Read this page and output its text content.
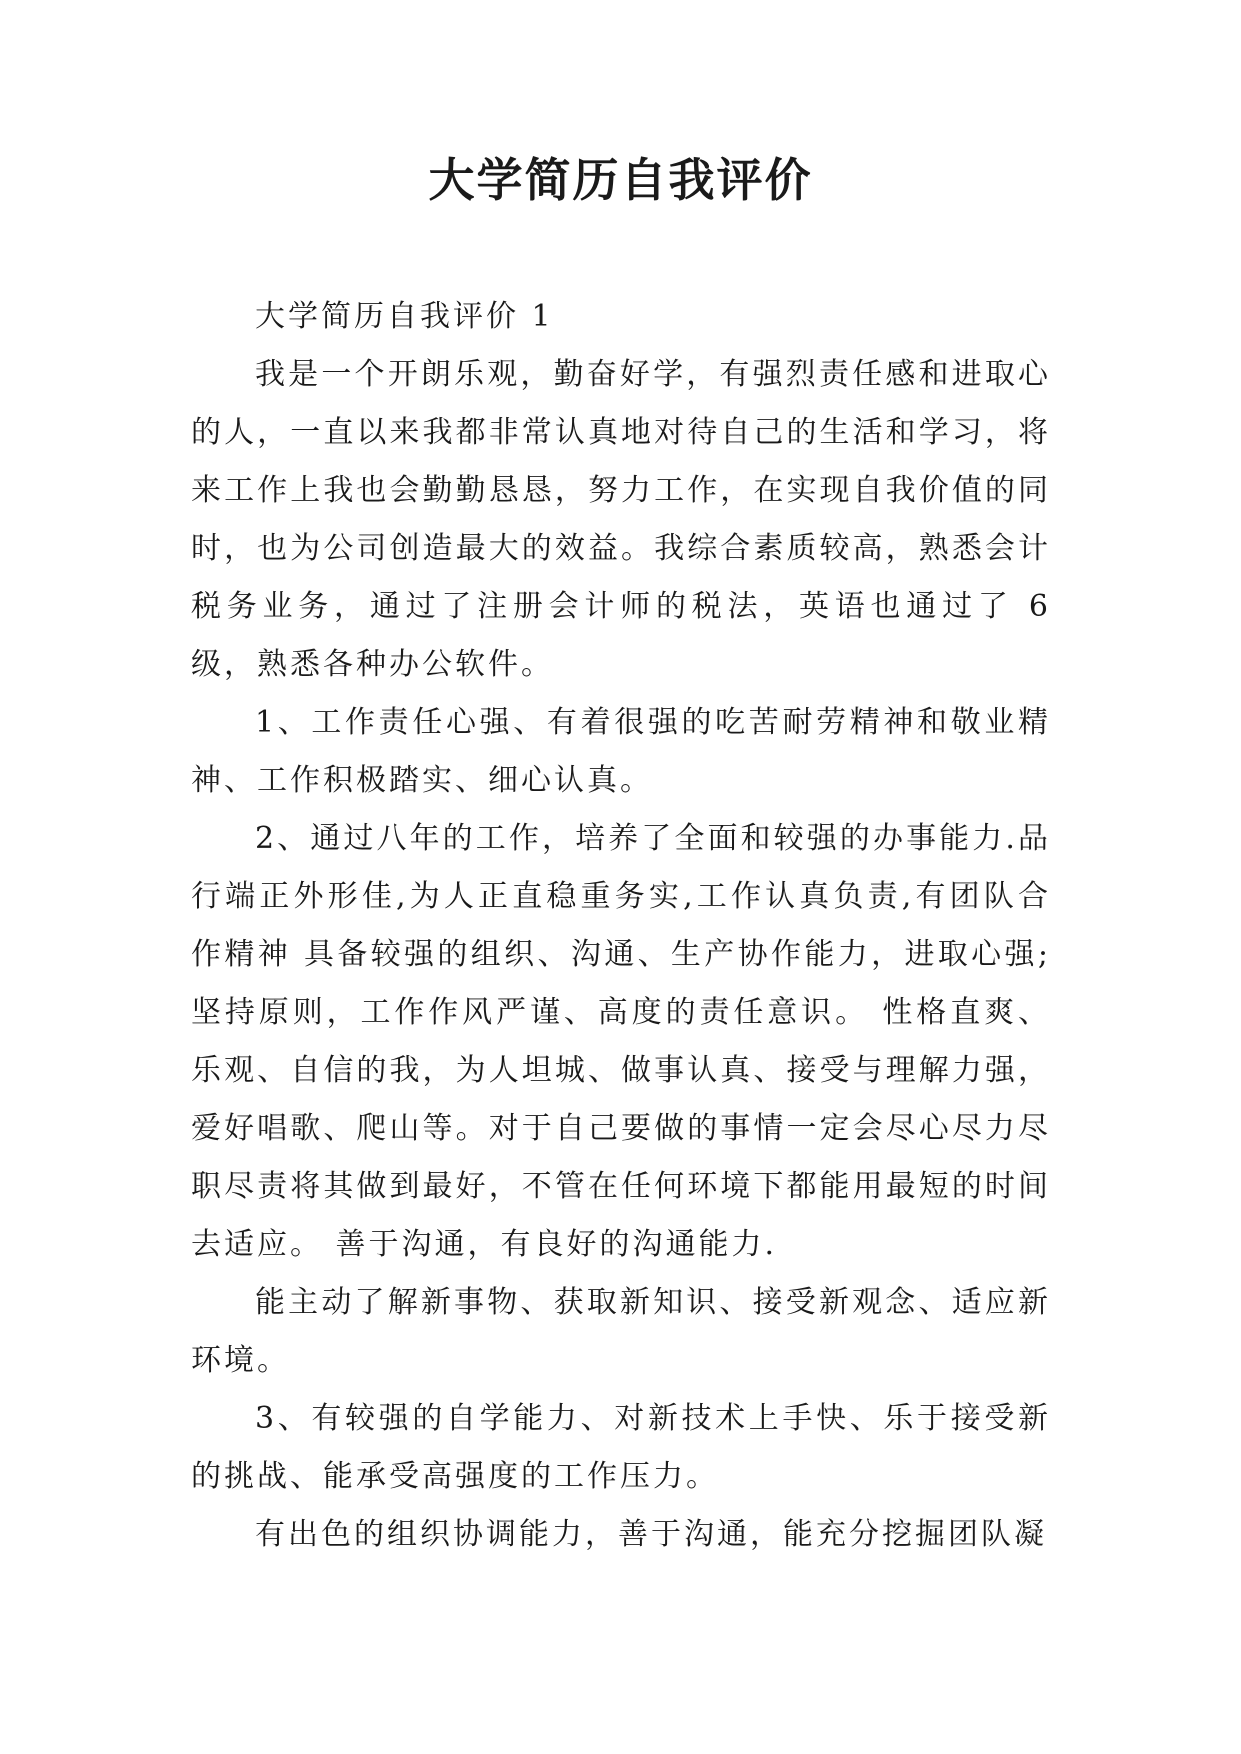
大学简历自我评价

大学简历自我评价 1

我是一个开朗乐观，勤奋好学，有强烈责任感和进取心的人，一直以来我都非常认真地对待自己的生活和学习，将来工作上我也会勤勤恳恳，努力工作，在实现自我价值的同时，也为公司创造最大的效益。我综合素质较高，熟悉会计税务业务，通过了注册会计师的税法，英语也通过了 6 级，熟悉各种办公软件。

1、工作责任心强、有着很强的吃苦耐劳精神和敬业精神、工作积极踏实、细心认真。

2、通过八年的工作，培养了全面和较强的办事能力.品行端正外形佳,为人正直稳重务实,工作认真负责,有团队合作精神 具备较强的组织、沟通、生产协作能力，进取心强;坚持原则，工作作风严谨、高度的责任意识。 性格直爽、乐观、自信的我，为人坦城、做事认真、接受与理解力强，爱好唱歌、爬山等。对于自己要做的事情一定会尽心尽力尽职尽责将其做到最好，不管在任何环境下都能用最短的时间去适应。 善于沟通，有良好的沟通能力.

能主动了解新事物、获取新知识、接受新观念、适应新环境。

3、有较强的自学能力、对新技术上手快、乐于接受新的挑战、能承受高强度的工作压力。

有出色的组织协调能力，善于沟通，能充分挖掘团队凝
